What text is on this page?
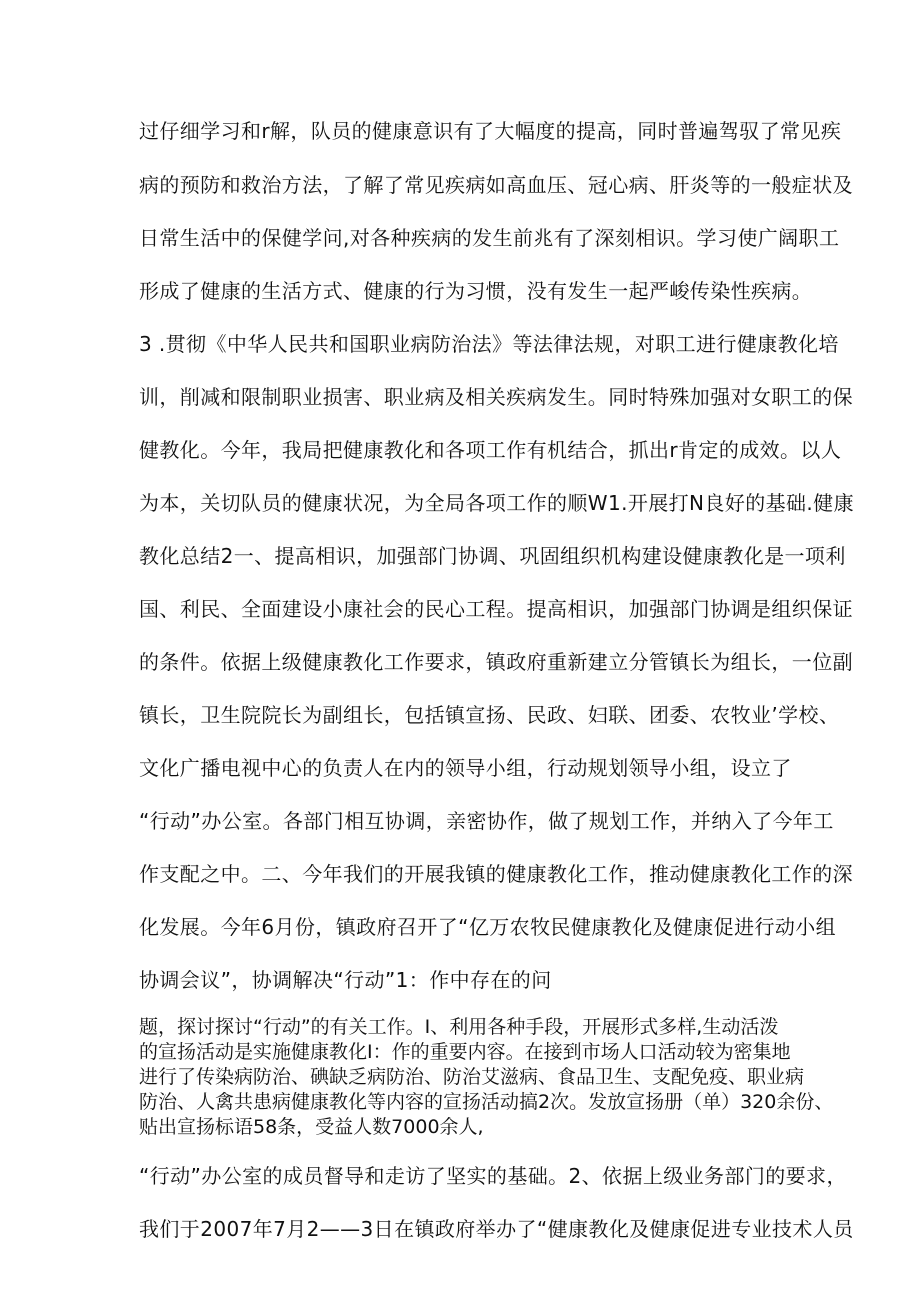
过仔细学习和r解，队员的健康意识有了大幅度的提高，同时普遍驾驭了常见疾
病的预防和救治方法，了解了常见疾病如高血压、冠心病、肝炎等的一般症状及
日常生活中的保健学问,对各种疾病的发生前兆有了深刻相识。学习使广阔职工
形成了健康的生活方式、健康的行为习惯，没有发生一起严峻传染性疾病。
3 .贯彻《中华人民共和国职业病防治法》等法律法规，对职工进行健康教化培
训，削减和限制职业损害、职业病及相关疾病发生。同时特殊加强对女职工的保
健教化。今年，我局把健康教化和各项工作有机结合，抓出r肯定的成效。以人
为本，关切队员的健康状况，为全局各项工作的顺W1.开展打N良好的基础.健康
教化总结2一、提高相识，加强部门协调、巩固组织机构建设健康教化是一项利
国、利民、全面建设小康社会的民心工程。提高相识，加强部门协调是组织保证
的条件。依据上级健康教化工作要求，镇政府重新建立分管镇长为组长，一位副
镇长，卫生院院长为副组长，包括镇宣扬、民政、妇联、团委、农牧业’学校、
文化广播电视中心的负责人在内的领导小组，行动规划领导小组，设立了
“行动”办公室。各部门相互协调，亲密协作，做了规划工作，并纳入了今年工
作支配之中。二、今年我们的开展我镇的健康教化工作，推动健康教化工作的深
化发展。今年6月份，镇政府召开了“亿万农牧民健康教化及健康促进行动小组
协调会议”，协调解决“行动”1：作中存在的问
题，探讨探讨“行动”的有关工作。I、利用各种手段，开展形式多样,生动活泼
的宣扬活动是实施健康教化I：作的重要内容。在接到市场人口活动较为密集地
进行了传染病防治、碘缺乏病防治、防治艾滋病、食品卫生、支配免疫、职业病
防治、人禽共患病健康教化等内容的宣扬活动搞2次。发放宣扬册（单）320余份、
贴出宣扬标语58条，受益人数7000余人,
“行动”办公室的成员督导和走访了坚实的基础。2、依据上级业务部门的要求，
我们于2007年7月2——3日在镇政府举办了“健康教化及健康促进专业技术人员
